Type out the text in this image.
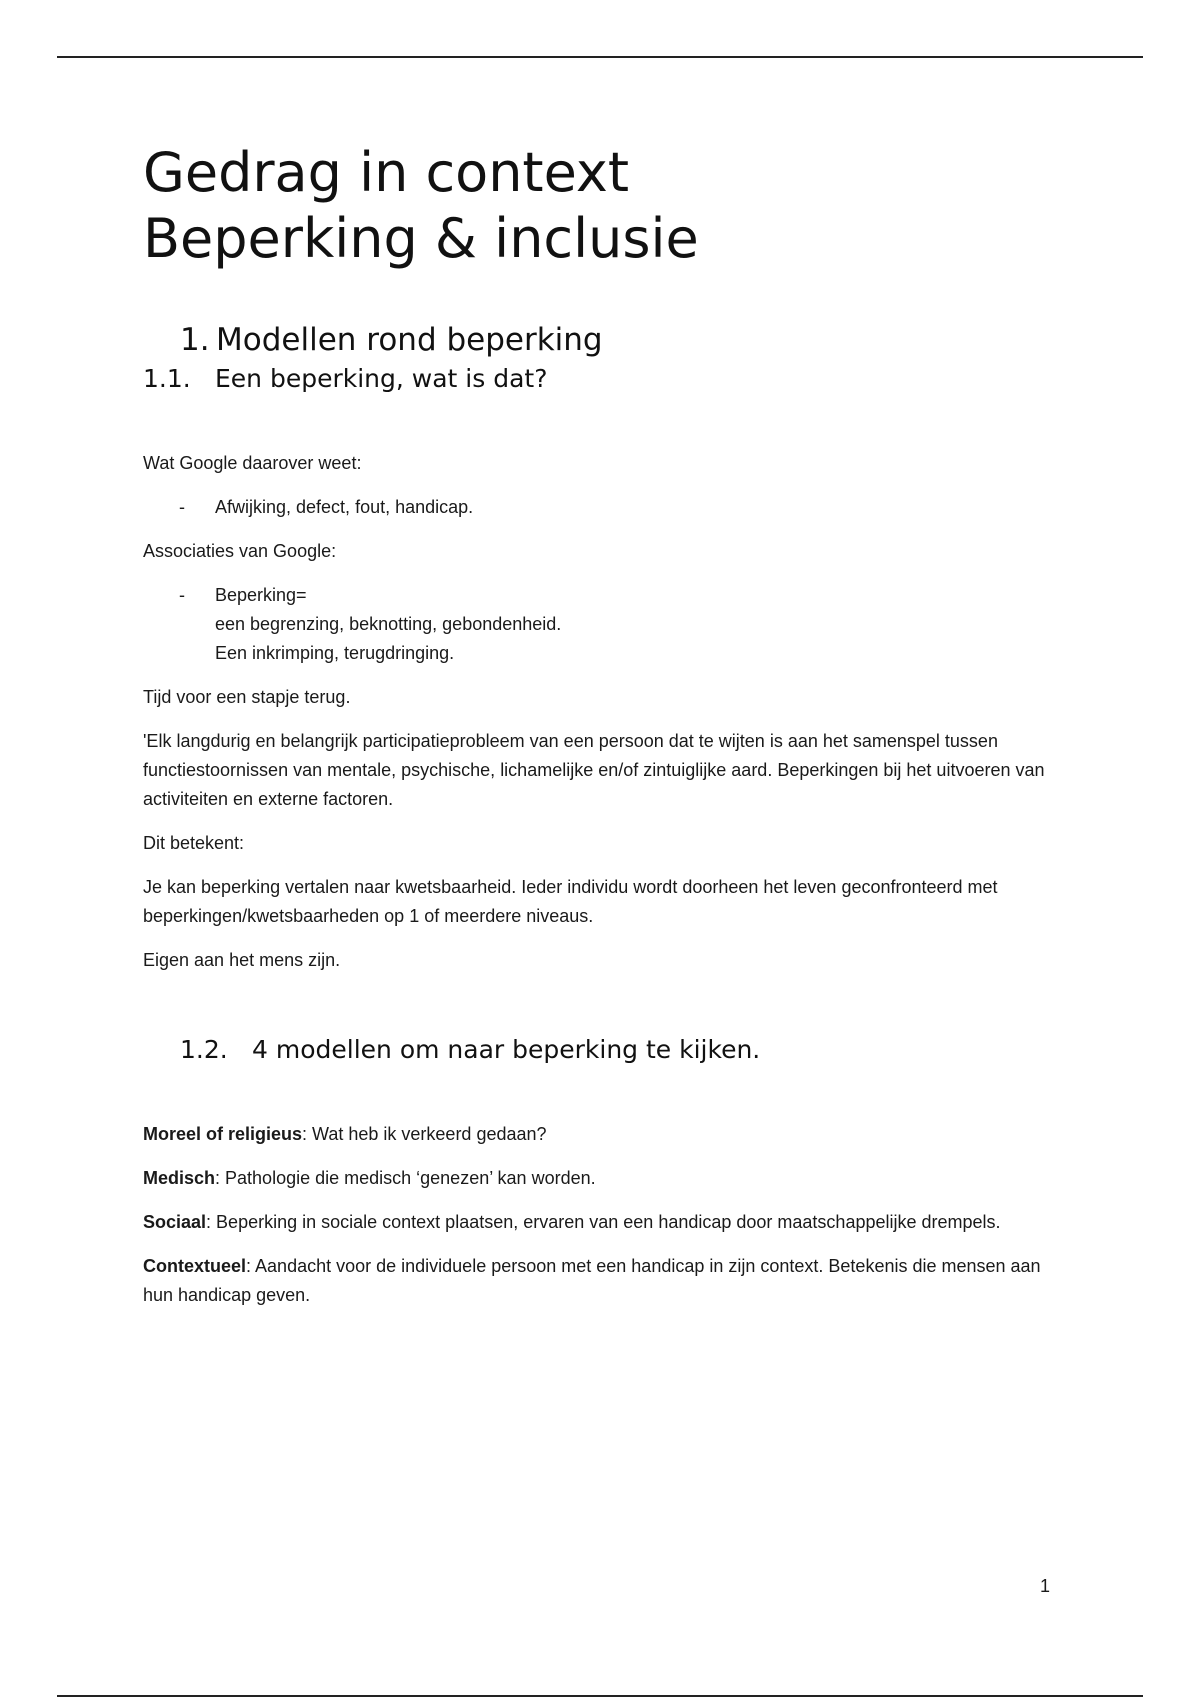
Gedrag in context
Beperking & inclusie
1. Modellen rond beperking
1.1. Een beperking, wat is dat?

Wat Google daarover weet:

- Afwijking, defect, fout, handicap.

Associaties van Google:

- Beperking=
een begrenzing, beknotting, gebondenheid.
Een inkrimping, terugdringing.

Tijd voor een stapje terug.

'Elk langdurig en belangrijk participatieprobleem van een persoon dat te wijten is aan het samenspel tussen functiestoornissen van mentale, psychische, lichamelijke en/of zintuiglijke aard. Beperkingen bij het uitvoeren van activiteiten en externe factoren.

Dit betekent:

Je kan beperking vertalen naar kwetsbaarheid. Ieder individu wordt doorheen het leven geconfronteerd met beperkingen/kwetsbaarheden op 1 of meerdere niveaus.

Eigen aan het mens zijn.

1.2. 4 modellen om naar beperking te kijken.

Moreel of religieus: Wat heb ik verkeerd gedaan?

Medisch: Pathologie die medisch ‘genezen’ kan worden.

Sociaal: Beperking in sociale context plaatsen, ervaren van een handicap door maatschappelijke drempels.

Contextueel: Aandacht voor de individuele persoon met een handicap in zijn context. Betekenis die mensen aan hun handicap geven.

1
